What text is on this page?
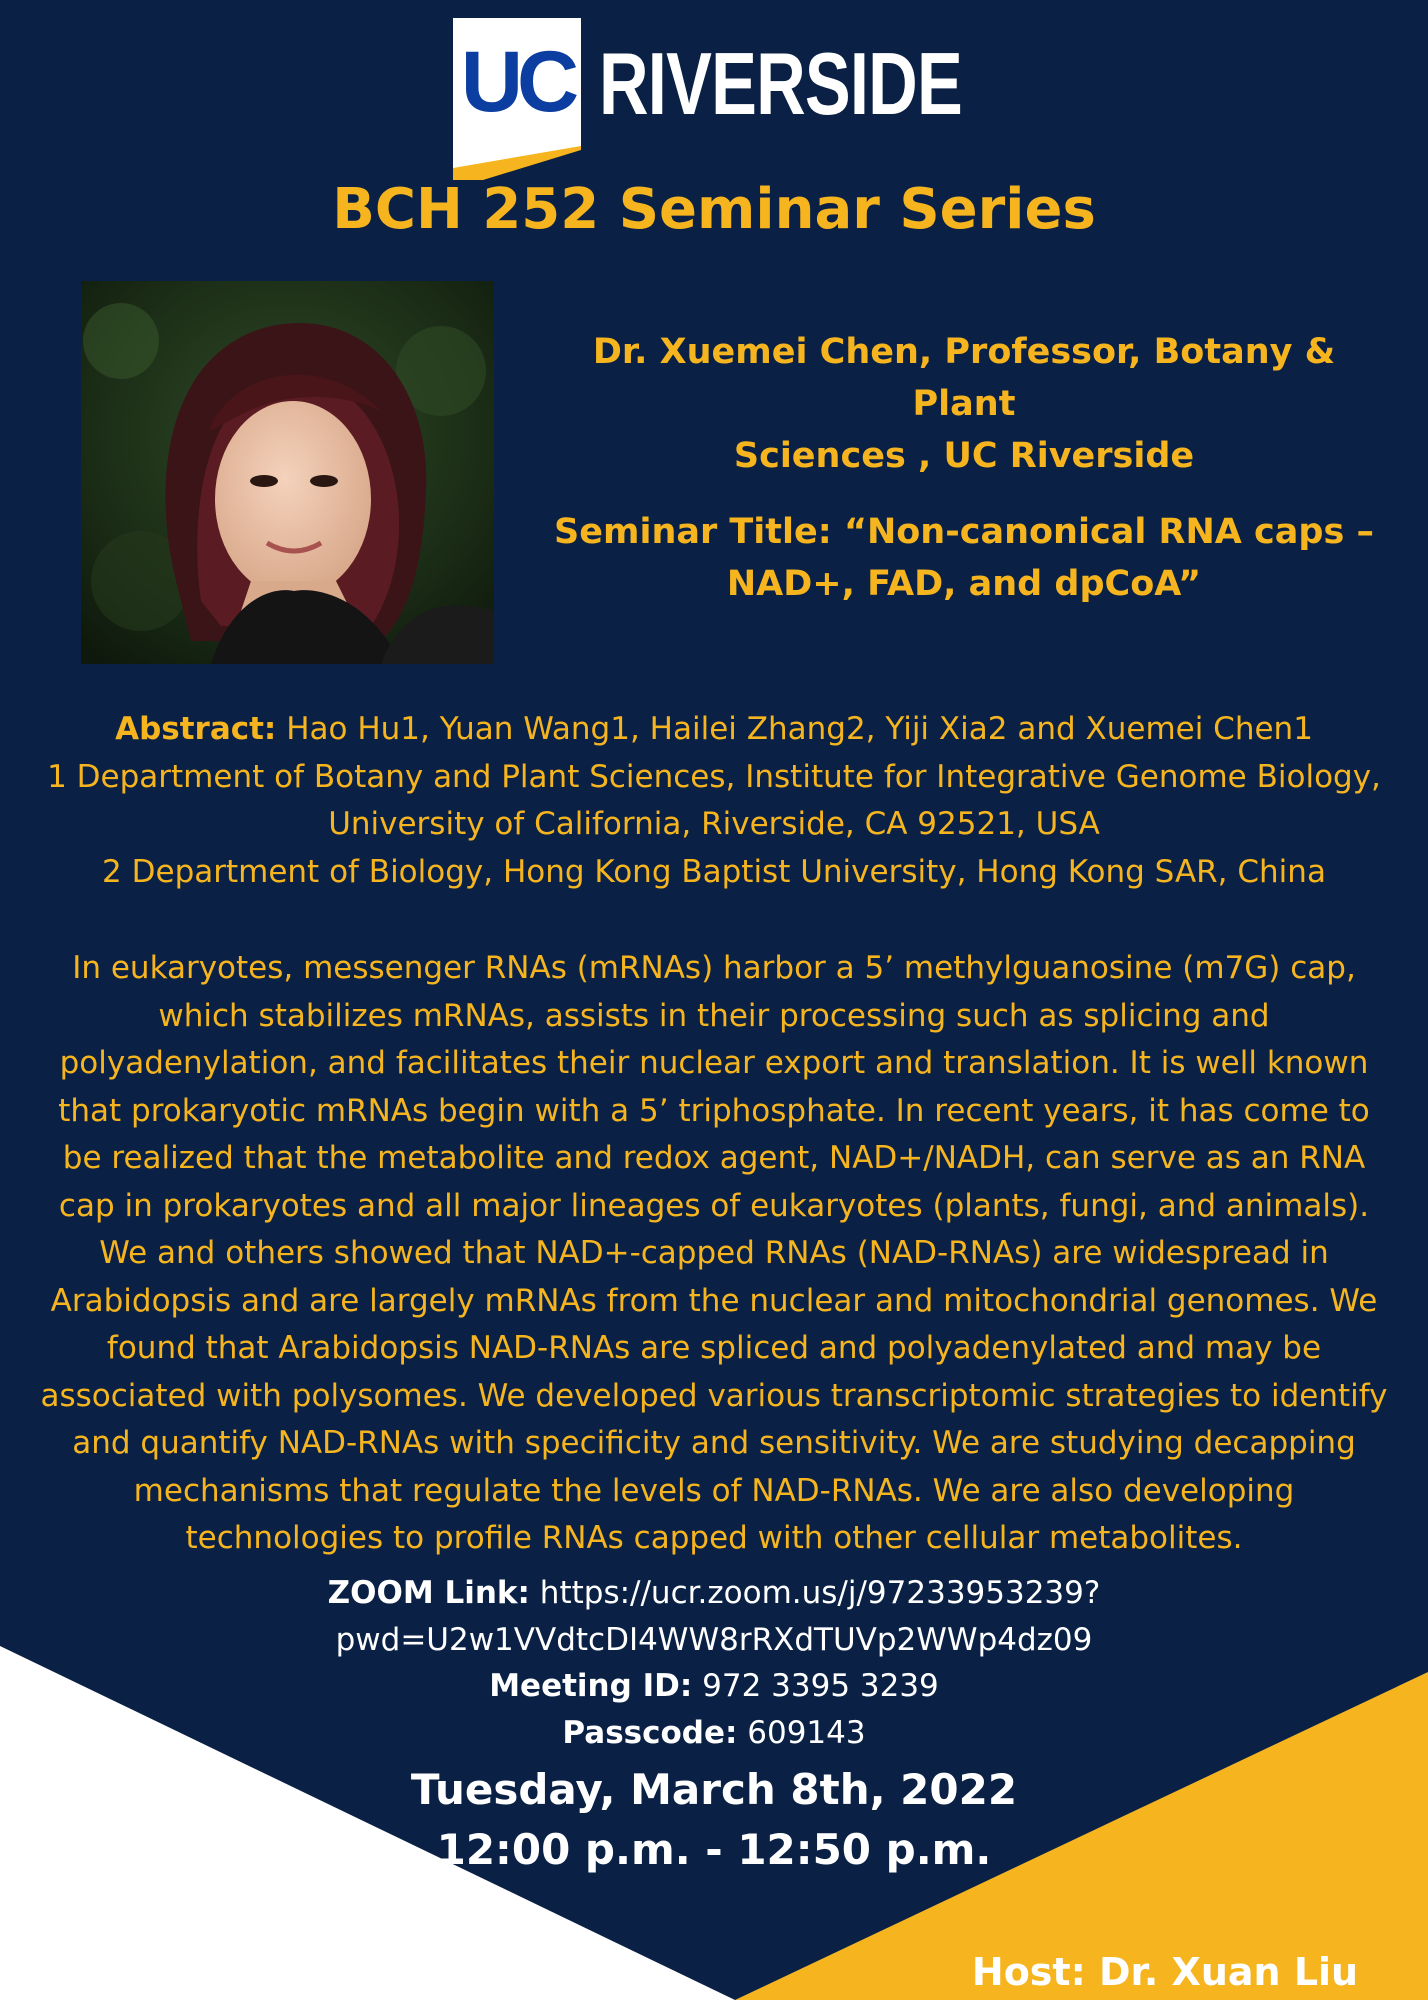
UC RIVERSIDE
BCH 252 Seminar Series
Dr. Xuemei Chen, Professor, Botany & Plant
Sciences , UC Riverside
Seminar Title: “Non-canonical RNA caps –
NAD+, FAD, and dpCoA”
Abstract: Hao Hu1, Yuan Wang1, Hailei Zhang2, Yiji Xia2 and Xuemei Chen1
1 Department of Botany and Plant Sciences, Institute for Integrative Genome Biology,
University of California, Riverside, CA 92521, USA
2 Department of Biology, Hong Kong Baptist University, Hong Kong SAR, China
In eukaryotes, messenger RNAs (mRNAs) harbor a 5’ methylguanosine (m7G) cap,
which stabilizes mRNAs, assists in their processing such as splicing and
polyadenylation, and facilitates their nuclear export and translation. It is well known
that prokaryotic mRNAs begin with a 5’ triphosphate. In recent years, it has come to
be realized that the metabolite and redox agent, NAD+/NADH, can serve as an RNA
cap in prokaryotes and all major lineages of eukaryotes (plants, fungi, and animals).
We and others showed that NAD+-capped RNAs (NAD-RNAs) are widespread in
Arabidopsis and are largely mRNAs from the nuclear and mitochondrial genomes. We
found that Arabidopsis NAD-RNAs are spliced and polyadenylated and may be
associated with polysomes. We developed various transcriptomic strategies to identify
and quantify NAD-RNAs with specificity and sensitivity. We are studying decapping
mechanisms that regulate the levels of NAD-RNAs. We are also developing
technologies to profile RNAs capped with other cellular metabolites.
ZOOM Link: https://ucr.zoom.us/j/97233953239?
pwd=U2w1VVdtcDI4WW8rRXdTUVp2WWp4dz09
Meeting ID: 972 3395 3239
Passcode: 609143
Tuesday, March 8th, 2022
12:00 p.m. - 12:50 p.m.
Host: Dr. Xuan Liu
